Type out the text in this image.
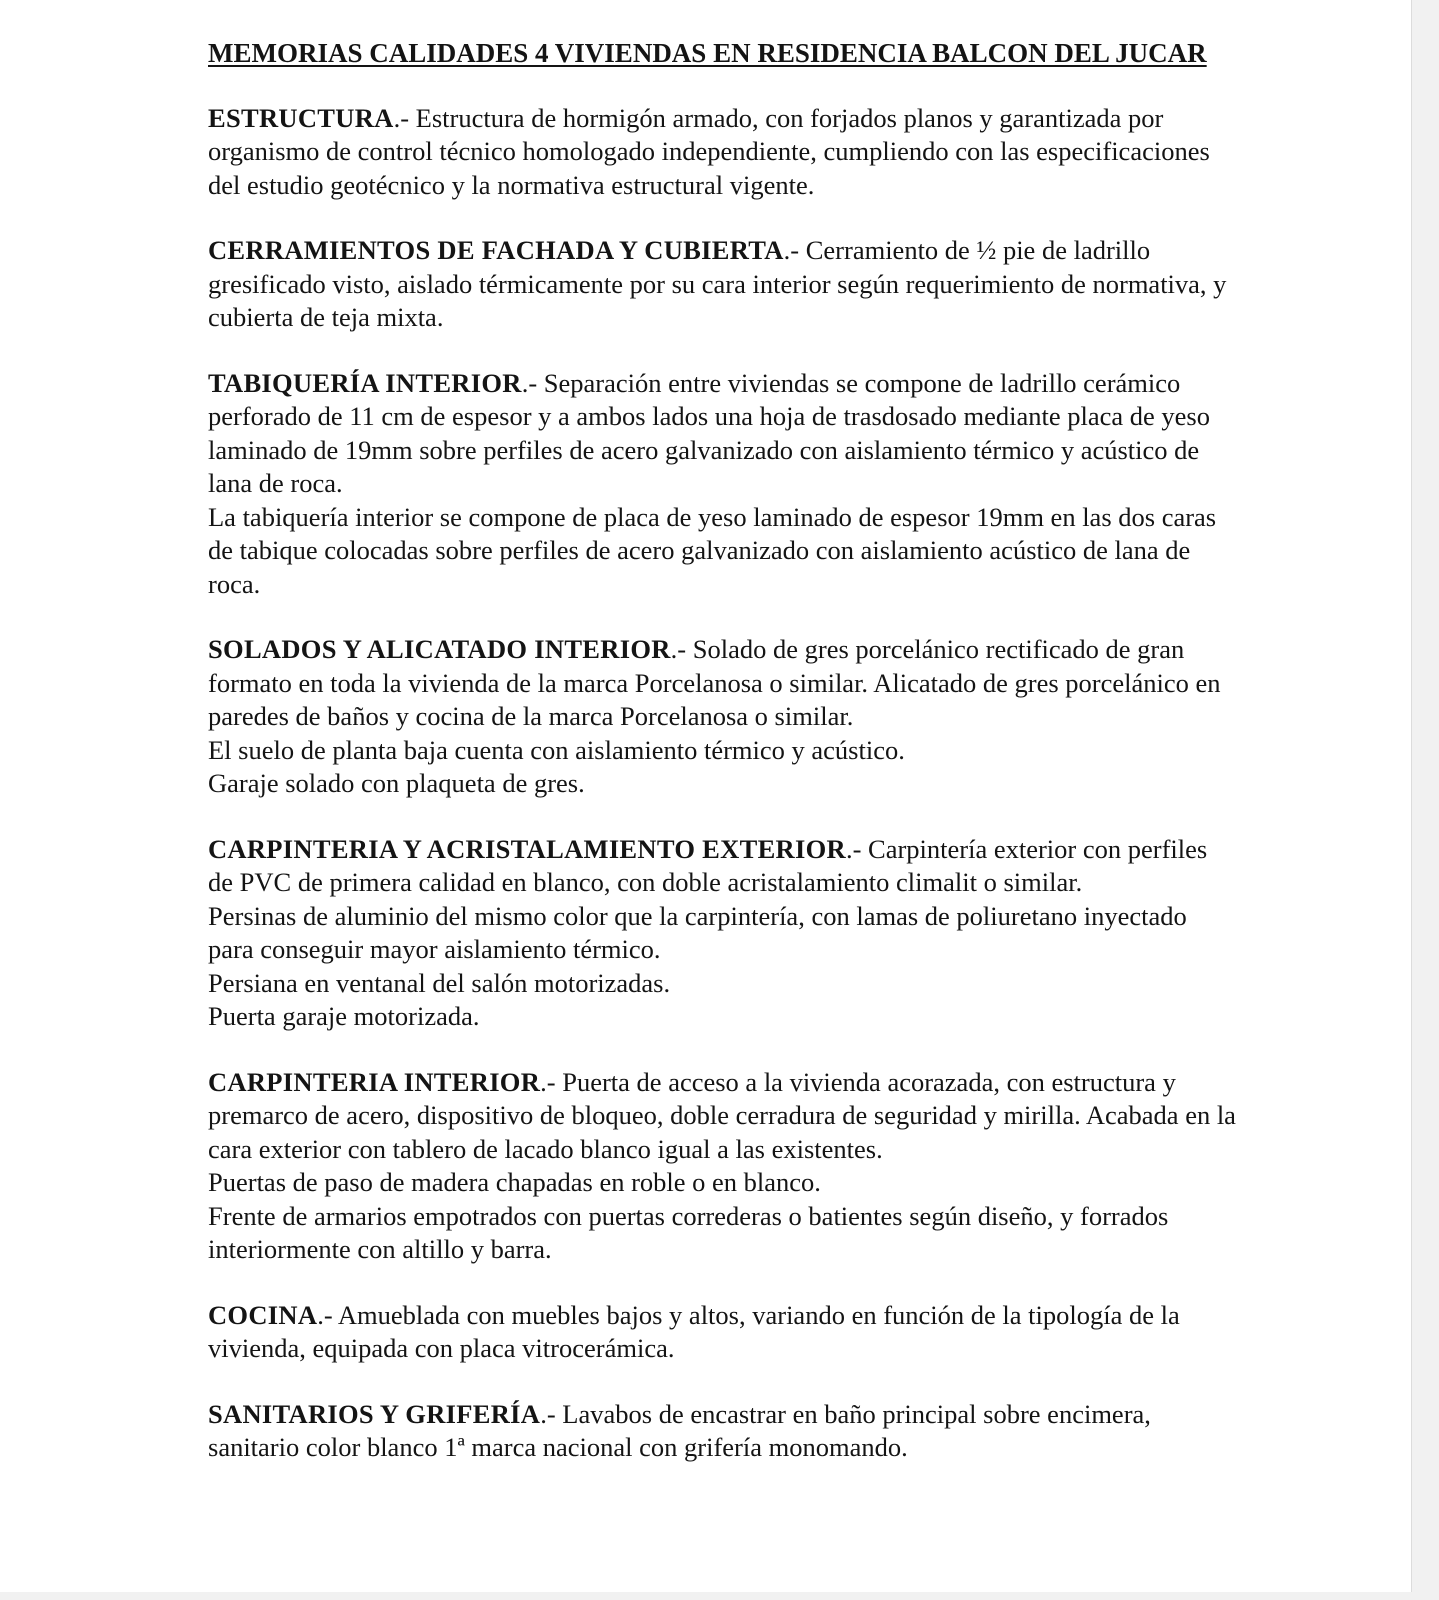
MEMORIAS CALIDADES 4 VIVIENDAS EN RESIDENCIA BALCON DEL JUCAR

ESTRUCTURA.- Estructura de hormigón armado, con forjados planos y garantizada por organismo de control técnico homologado independiente, cumpliendo con las especificaciones del estudio geotécnico y la normativa estructural vigente.

CERRAMIENTOS DE FACHADA Y CUBIERTA.- Cerramiento de ½ pie de ladrillo gresificado visto, aislado térmicamente por su cara interior según requerimiento de normativa, y cubierta de teja mixta.

TABIQUERÍA INTERIOR.- Separación entre viviendas se compone de ladrillo cerámico perforado de 11 cm de espesor y a ambos lados una hoja de trasdosado mediante placa de yeso laminado de 19mm sobre perfiles de acero galvanizado con aislamiento térmico y acústico de lana de roca.

La tabiquería interior se compone de placa de yeso laminado de espesor 19mm en las dos caras de tabique colocadas sobre perfiles de acero galvanizado con aislamiento acústico de lana de roca.

SOLADOS Y ALICATADO INTERIOR.- Solado de gres porcelánico rectificado de gran formato en toda la vivienda de la marca Porcelanosa o similar. Alicatado de gres porcelánico en paredes de baños y cocina de la marca Porcelanosa o similar.

El suelo de planta baja cuenta con aislamiento térmico y acústico.

Garaje solado con plaqueta de gres.

CARPINTERIA Y ACRISTALAMIENTO EXTERIOR.- Carpintería exterior con perfiles de PVC de primera calidad en blanco, con doble acristalamiento climalit o similar.

Persinas de aluminio del mismo color que la carpintería, con lamas de poliuretano inyectado para conseguir mayor aislamiento térmico.

Persiana en ventanal del salón motorizadas.

Puerta garaje motorizada.

CARPINTERIA INTERIOR.- Puerta de acceso a la vivienda acorazada, con estructura y premarco de acero, dispositivo de bloqueo, doble cerradura de seguridad y mirilla. Acabada en la cara exterior con tablero de lacado blanco igual a las existentes.

Puertas de paso de madera chapadas en roble o en blanco.

Frente de armarios empotrados con puertas correderas o batientes según diseño, y forrados interiormente con altillo y barra.

COCINA.- Amueblada con muebles bajos y altos, variando en función de la tipología de la vivienda, equipada con placa vitrocerámica.

SANITARIOS Y GRIFERÍA.- Lavabos de encastrar en baño principal sobre encimera, sanitario color blanco 1ª marca nacional con grifería monomando.
